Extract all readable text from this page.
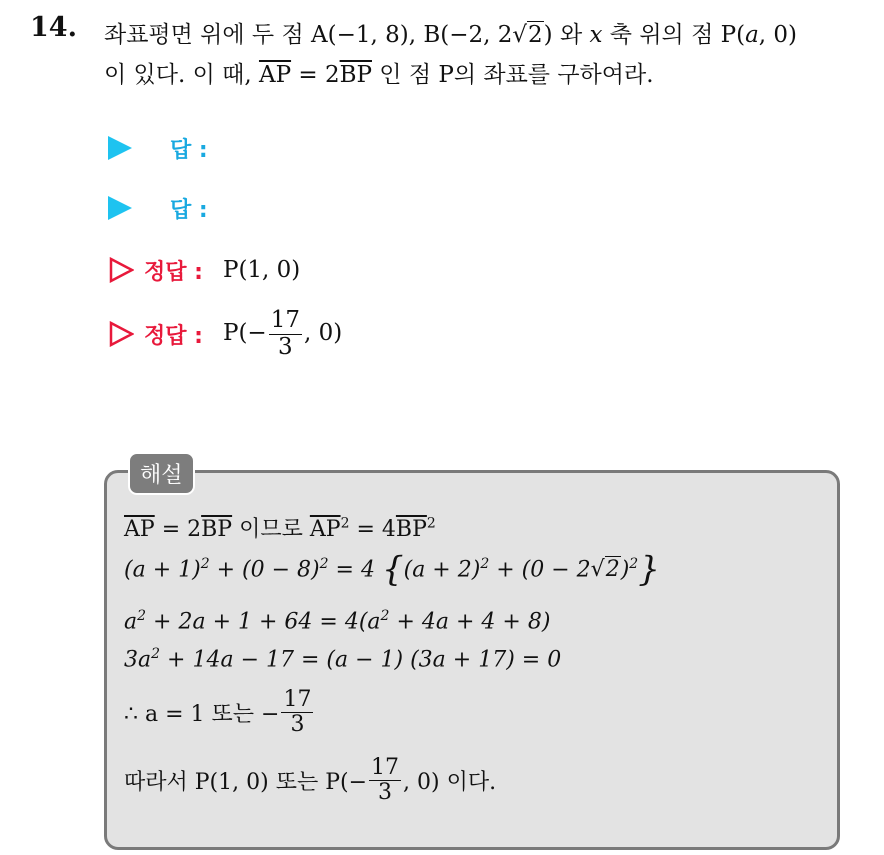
14. 좌표평면 위에 두 점 A(−1, 8), B(−2, 2√2) 와 x 축 위의 점 P(a, 0)
이 있다. 이 때, $\overline{AP} = 2\overline{BP}$ 인 점 P의 좌표를 구하여라.
답 :
답 :
정답 : P(1, 0)
정답 : $P(- \frac{17}{3}$ , 0)
해설
$\overline{AP} = 2\overline{BP}$ 이므로 $\overline{AP}^2 = 4\overline{BP}^2$
$(a + 1)^2 + (0 - 8)^2 = 4$ $\{(a + 2)^2 + (0 - 2√2)^2\}$
$a^2 + 2a + 1 + 64 = 4(a^2 + 4a + 4 + 8)$
$3a^2 + 14a - 17 = (a - 1) (3a + 17) = 0$
∴ a = 1 또는 − $\frac{17}{3}$
따라서 P(1, 0) 또는 $P(- \frac{17}{3}$ , 0) 이다.
